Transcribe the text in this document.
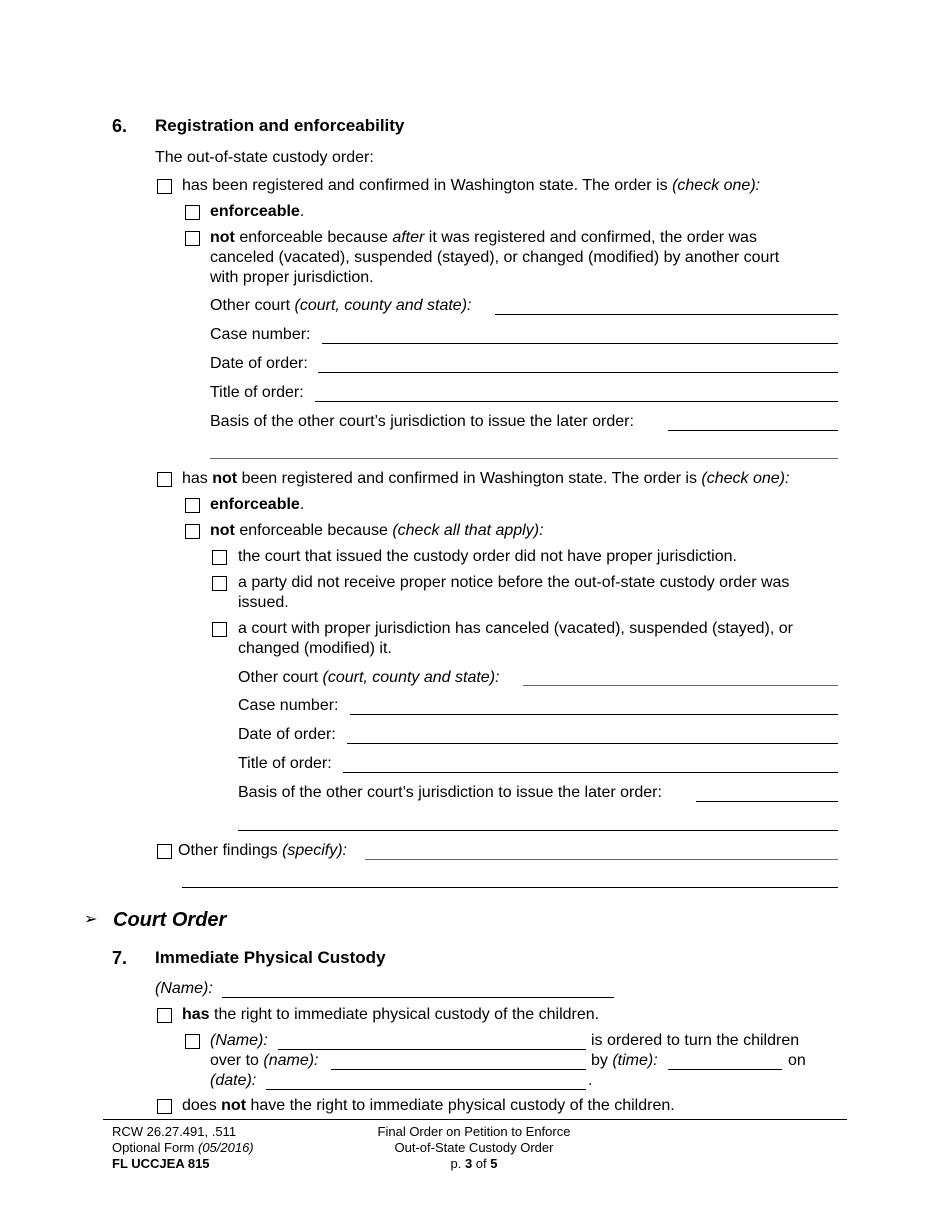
6. Registration and enforceability
The out-of-state custody order:
has been registered and confirmed in Washington state. The order is (check one):
enforceable.
not enforceable because after it was registered and confirmed, the order was
canceled (vacated), suspended (stayed), or changed (modified) by another court
with proper jurisdiction.
Other court (court, county and state):
Case number:
Date of order:
Title of order:
Basis of the other court’s jurisdiction to issue the later order:
has not been registered and confirmed in Washington state. The order is (check one):
enforceable.
not enforceable because (check all that apply):
the court that issued the custody order did not have proper jurisdiction.
a party did not receive proper notice before the out-of-state custody order was
issued.
a court with proper jurisdiction has canceled (vacated), suspended (stayed), or
changed (modified) it.
Other court (court, county and state):
Case number:
Date of order:
Title of order:
Basis of the other court’s jurisdiction to issue the later order:
Other findings (specify):
➢ Court Order
7. Immediate Physical Custody
(Name):
has the right to immediate physical custody of the children.
(Name):	is ordered to turn the children
over to (name):	by (time):	on
(date):	.
does not have the right to immediate physical custody of the children.
RCW 26.27.491, .511
Optional Form (05/2016)
FL UCCJEA 815
Final Order on Petition to Enforce
Out-of-State Custody Order
p. 3 of 5
